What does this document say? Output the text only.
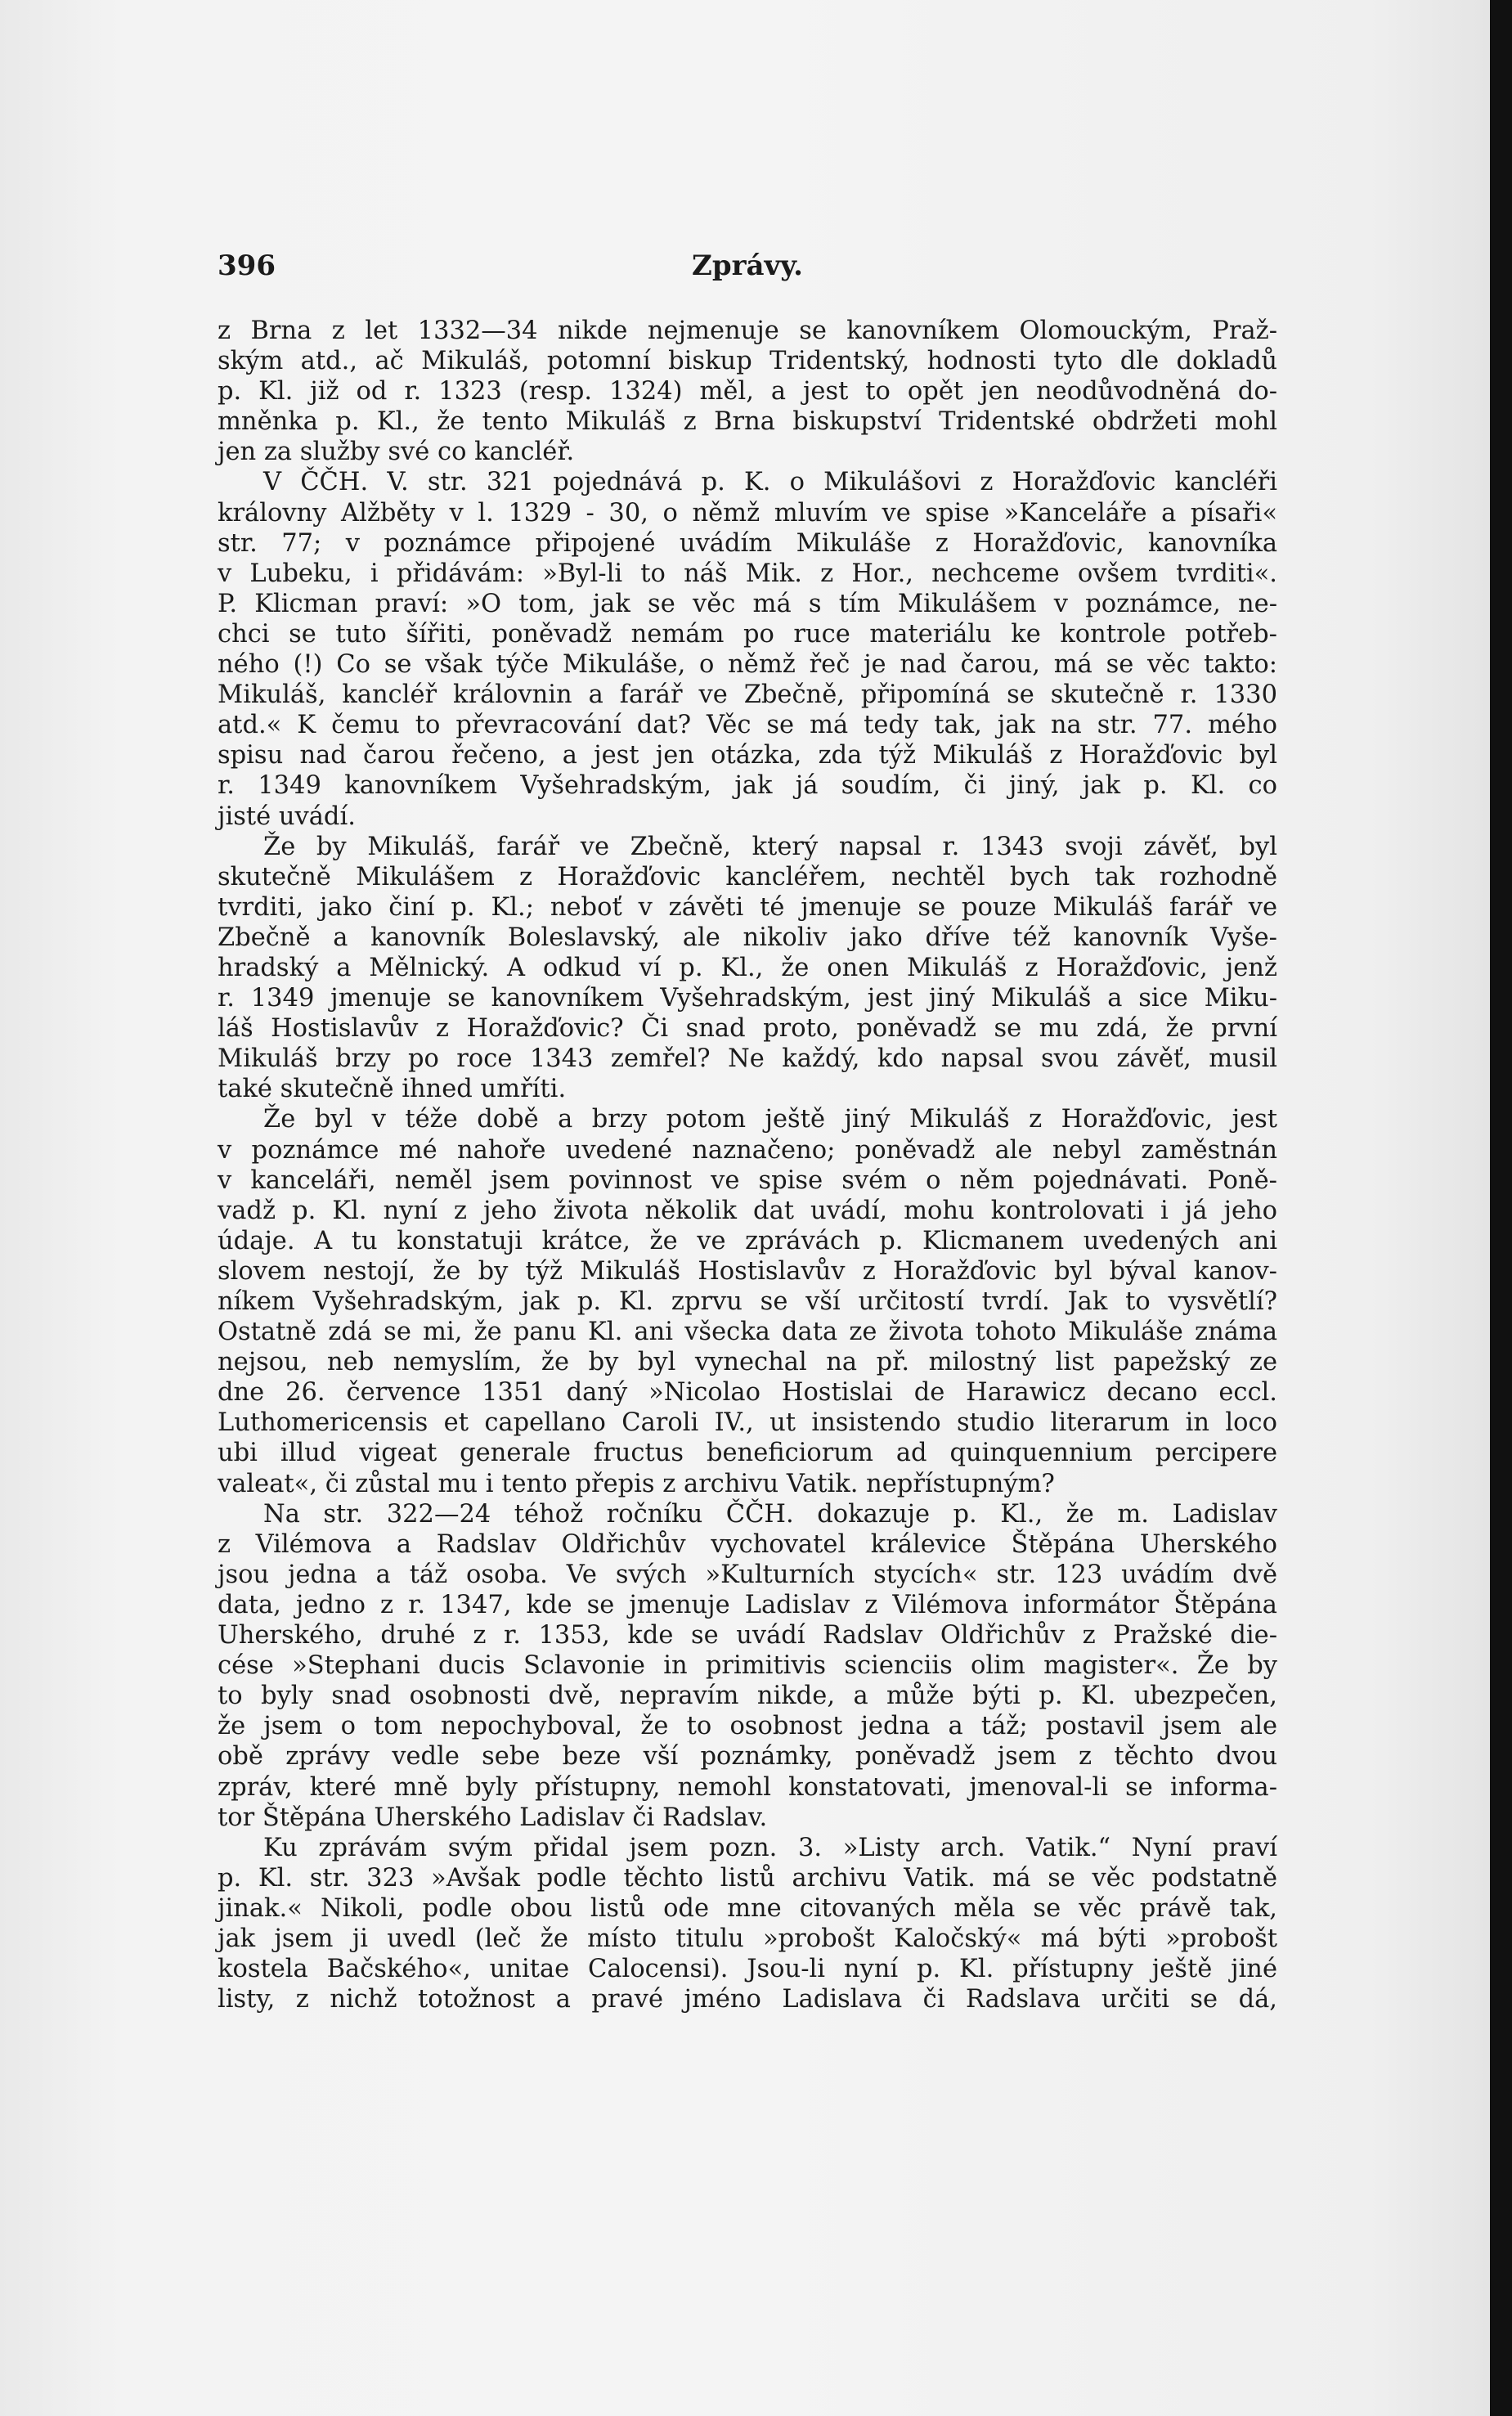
396	Zprávy.
z Brna z let 1332—34 nikde nejmenuje se kanovníkem Olomouckým, Praž-
ským atd., ač Mikuláš, potomní biskup Tridentský, hodnosti tyto dle dokladů
p. Kl. již od r. 1323 (resp. 1324) měl, a jest to opět jen neodůvodněná do-
mněnka p. Kl., že tento Mikuláš z Brna biskupství Tridentské obdržeti mohl
jen za služby své co kancléř.
V ČČH. V. str. 321 pojednává p. K. o Mikulášovi z Horažďovic kancléři
královny Alžběty v l. 1329 - 30, o němž mluvím ve spise »Kanceláře a písaři«
str. 77; v poznámce připojené uvádím Mikuláše z Horažďovic, kanovníka
v Lubeku, i přidávám: »Byl-li to náš Mik. z Hor., nechceme ovšem tvrditi«.
P. Klicman praví: »O tom, jak se věc má s tím Mikulášem v poznámce, ne-
chci se tuto šířiti, poněvadž nemám po ruce materiálu ke kontrole potřeb-
ného (!) Co se však týče Mikuláše, o němž řeč je nad čarou, má se věc takto:
Mikuláš, kancléř královnin a farář ve Zbečně, připomíná se skutečně r. 1330
atd.« K čemu to převracování dat? Věc se má tedy tak, jak na str. 77. mého
spisu nad čarou řečeno, a jest jen otázka, zda týž Mikuláš z Horažďovic byl
r. 1349 kanovníkem Vyšehradským, jak já soudím, či jiný, jak p. Kl. co
jisté uvádí.
Že by Mikuláš, farář ve Zbečně, který napsal r. 1343 svoji závěť, byl
skutečně Mikulášem z Horažďovic kancléřem, nechtěl bych tak rozhodně
tvrditi, jako činí p. Kl.; neboť v závěti té jmenuje se pouze Mikuláš farář ve
Zbečně a kanovník Boleslavský, ale nikoliv jako dříve též kanovník Vyše-
hradský a Mělnický. A odkud ví p. Kl., že onen Mikuláš z Horažďovic, jenž
r. 1349 jmenuje se kanovníkem Vyšehradským, jest jiný Mikuláš a sice Miku-
láš Hostislavův z Horažďovic? Či snad proto, poněvadž se mu zdá, že první
Mikuláš brzy po roce 1343 zemřel? Ne každý, kdo napsal svou závěť, musil
také skutečně ihned umříti.
Že byl v téže době a brzy potom ještě jiný Mikuláš z Horažďovic, jest
v poznámce mé nahoře uvedené naznačeno; poněvadž ale nebyl zaměstnán
v kanceláři, neměl jsem povinnost ve spise svém o něm pojednávati. Poně-
vadž p. Kl. nyní z jeho života několik dat uvádí, mohu kontrolovati i já jeho
údaje. A tu konstatuji krátce, že ve zprávách p. Klicmanem uvedených ani
slovem nestojí, že by týž Mikuláš Hostislavův z Horažďovic byl býval kanov-
níkem Vyšehradským, jak p. Kl. zprvu se vší určitostí tvrdí. Jak to vysvětlí?
Ostatně zdá se mi, že panu Kl. ani všecka data ze života tohoto Mikuláše známa
nejsou, neb nemyslím, že by byl vynechal na př. milostný list papežský ze
dne 26. července 1351 daný »Nicolao Hostislai de Harawicz decano eccl.
Luthomericensis et capellano Caroli IV., ut insistendo studio literarum in loco
ubi illud vigeat generale fructus beneficiorum ad quinquennium percipere
valeat«, či zůstal mu i tento přepis z archivu Vatik. nepřístupným?
Na str. 322—24 téhož ročníku ČČH. dokazuje p. Kl., že m. Ladislav
z Vilémova a Radslav Oldřichův vychovatel králevice Štěpána Uherského
jsou jedna a táž osoba. Ve svých »Kulturních stycích« str. 123 uvádím dvě
data, jedno z r. 1347, kde se jmenuje Ladislav z Vilémova informátor Štěpána
Uherského, druhé z r. 1353, kde se uvádí Radslav Oldřichův z Pražské die-
cése »Stephani ducis Sclavonie in primitivis scienciis olim magister«. Že by
to byly snad osobnosti dvě, nepravím nikde, a může býti p. Kl. ubezpečen,
že jsem o tom nepochyboval, že to osobnost jedna a táž; postavil jsem ale
obě zprávy vedle sebe beze vší poznámky, poněvadž jsem z těchto dvou
zpráv, které mně byly přístupny, nemohl konstatovati, jmenoval-li se informa-
tor Štěpána Uherského Ladislav či Radslav.
Ku zprávám svým přidal jsem pozn. 3. »Listy arch. Vatik.“ Nyní praví
p. Kl. str. 323 »Avšak podle těchto listů archivu Vatik. má se věc podstatně
jinak.« Nikoli, podle obou listů ode mne citovaných měla se věc právě tak,
jak jsem ji uvedl (leč že místo titulu »probošt Kaločský« má býti »probošt
kostela Bačského«, unitae Calocensi). Jsou-li nyní p. Kl. přístupny ještě jiné
listy, z nichž totožnost a pravé jméno Ladislava či Radslava určiti se dá,
